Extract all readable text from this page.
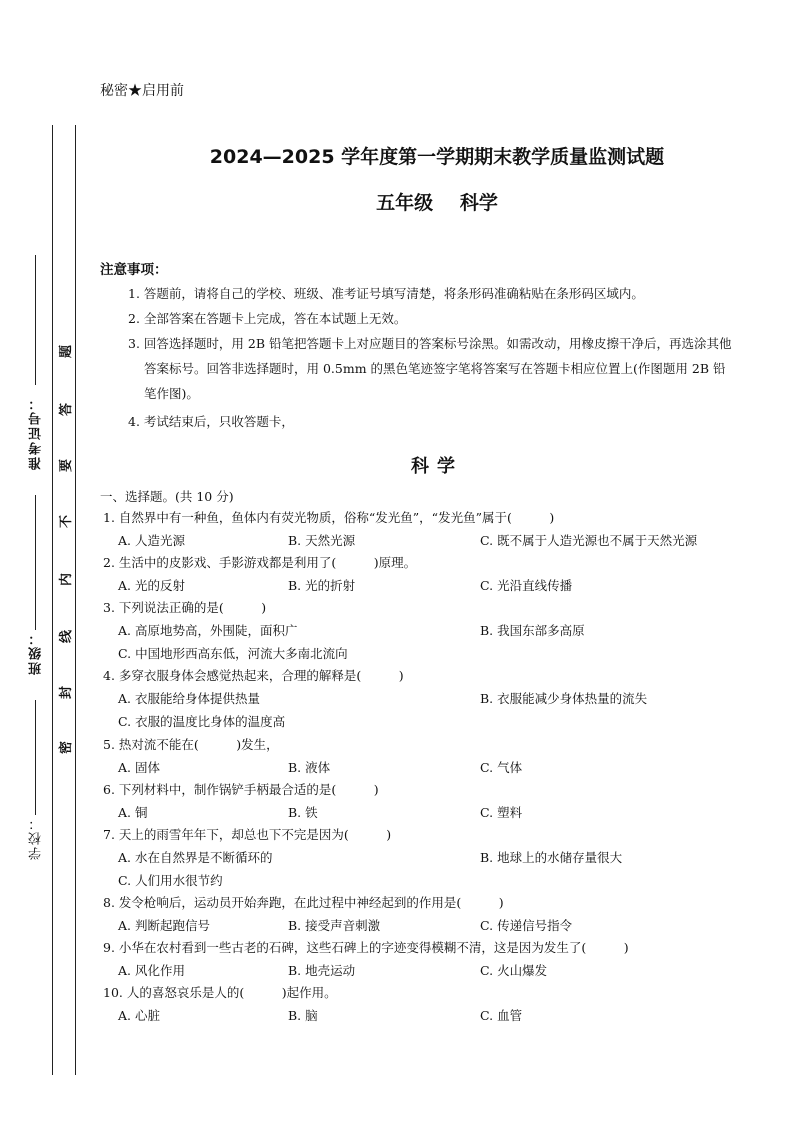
秘密★启用前
2024—2025 学年度第一学期期末教学质量监测试题
五年级 科学
准考证号：
班级：
学校：
密
封
线
内
不
要
答
题
注意事项：
1. 答题前，请将自己的学校、班级、准考证号填写清楚，将条形码准确粘贴在条形码区域内。
2. 全部答案在答题卡上完成，答在本试题上无效。
3. 回答选择题时，用 2B 铅笔把答题卡上对应题目的答案标号涂黑。如需改动，用橡皮擦干净后，再选涂其他
答案标号。回答非选择题时，用 0.5mm 的黑色笔迹签字笔将答案写在答题卡相应位置上(作图题用 2B 铅
笔作图)。
4. 考试结束后，只收答题卡，
科学
一、选择题。(共 10 分)
1. 自然界中有一种鱼，鱼体内有荧光物质，俗称“发光鱼”，“发光鱼”属于(　　　)
A. 人造光源	B. 天然光源	C. 既不属于人造光源也不属于天然光源
2. 生活中的皮影戏、手影游戏都是利用了(　　　)原理。
A. 光的反射	B. 光的折射	C. 光沿直线传播
3. 下列说法正确的是(　　　)
A. 高原地势高，外围陡，面积广	B. 我国东部多高原
C. 中国地形西高东低，河流大多南北流向
4. 多穿衣服身体会感觉热起来，合理的解释是(　　　)
A. 衣服能给身体提供热量	B. 衣服能减少身体热量的流失
C. 衣服的温度比身体的温度高
5. 热对流不能在(　　　)发生，
A. 固体	B. 液体	C. 气体
6. 下列材料中，制作锅铲手柄最合适的是(　　　)
A. 铜	B. 铁	C. 塑料
7. 天上的雨雪年年下，却总也下不完是因为(　　　)
A. 水在自然界是不断循环的	B. 地球上的水储存量很大
C. 人们用水很节约
8. 发令枪响后，运动员开始奔跑，在此过程中神经起到的作用是(　　　)
A. 判断起跑信号	B. 接受声音刺激	C. 传递信号指令
9. 小华在农村看到一些古老的石碑，这些石碑上的字迹变得模糊不清，这是因为发生了(　　　)
A. 风化作用	B. 地壳运动	C. 火山爆发
10. 人的喜怒哀乐是人的(　　　)起作用。
A. 心脏	B. 脑	C. 血管
